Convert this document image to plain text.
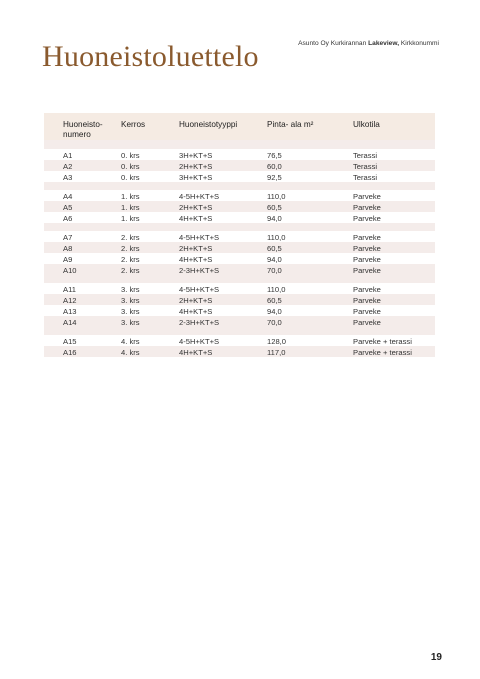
Asunto Oy Kurkirannan Lakeview, Kirkkonummi
Huoneistoluettelo
Huoneisto-
numero
Kerros	Huoneistotyyppi	Pinta- ala m²	Ulkotila
A1	0. krs	3H+KT+S	76,5	Terassi
A2	0. krs	2H+KT+S	60,0	Terassi
A3	0. krs	3H+KT+S	92,5	Terassi
A4	1. krs	4-5H+KT+S	110,0	Parveke
A5	1. krs	2H+KT+S	60,5	Parveke
A6	1. krs	4H+KT+S	94,0	Parveke
A7	2. krs	4-5H+KT+S	110,0	Parveke
A8	2. krs	2H+KT+S	60,5	Parveke
A9	2. krs	4H+KT+S	94,0	Parveke
A10	2. krs	2-3H+KT+S	70,0	Parveke
A11	3. krs	4-5H+KT+S	110,0	Parveke
A12	3. krs	2H+KT+S	60,5	Parveke
A13	3. krs	4H+KT+S	94,0	Parveke
A14	3. krs	2-3H+KT+S	70,0	Parveke
A15	4. krs	4-5H+KT+S	128,0	Parveke + terassi
A16	4. krs	4H+KT+S	117,0	Parveke + terassi
19
